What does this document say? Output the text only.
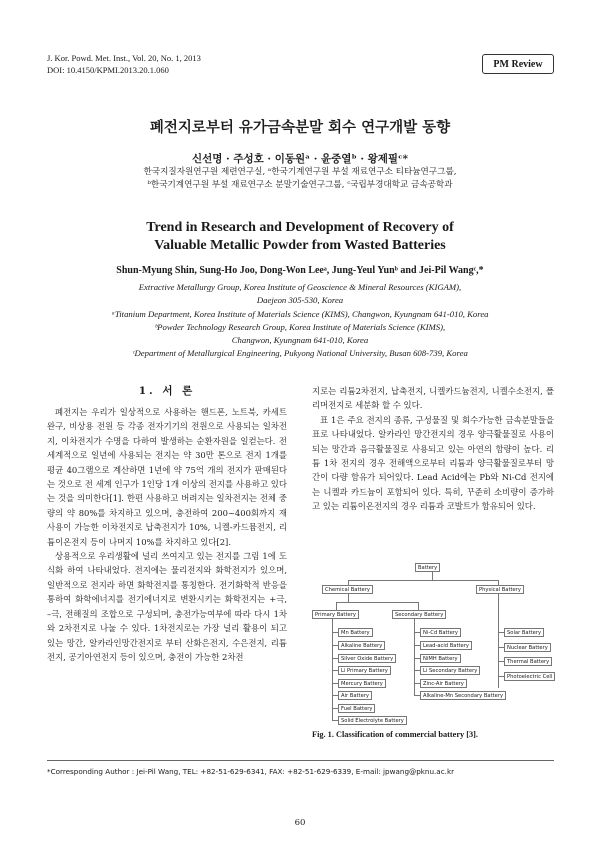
J. Kor. Powd. Met. Inst., Vol. 20, No. 1, 2013
DOI: 10.4150/KPMI.2013.20.1.060
PM Review
폐전지로부터 유가금속분말 회수 연구개발 동향
신선명 · 주성호 · 이동원ᵃ · 윤중열ᵇ · 왕제필ᶜ*
한국지질자원연구원 제련연구실, ᵃ한국기계연구원 부설 재료연구소 티타늄연구그룹,
ᵇ한국기계연구원 부설 재료연구소 분말기술연구그룹, ᶜ국립부경대학교 금속공학과
Trend in Research and Development of Recovery of
Valuable Metallic Powder from Wasted Batteries
Shun-Myung Shin, Sung-Ho Joo, Dong-Won Leeᵃ, Jung-Yeul Yunᵇ and Jei-Pil Wangᶜ,*
Extractive Metallurgy Group, Korea Institute of Geoscience & Mineral Resources (KIGAM),
Daejeon 305-530, Korea
ᵃTitanium Department, Korea Institute of Materials Science (KIMS), Changwon, Kyungnam 641-010, Korea
ᵇPowder Technology Research Group, Korea Institute of Materials Science (KIMS),
Changwon, Kyungnam 641-010, Korea
ᶜDepartment of Metallurgical Engineering, Pukyong National University, Busan 608-739, Korea
1. 서 론

폐전지는 우리가 일상적으로 사용하는 핸드폰, 노트북, 카세트 완구, 비상용 전원 등 각종 전자기기의 전원으로 사용되는 일차전지, 이차전지가 수명을 다하여 발생하는 순환자원을 일컫는다. 전세계적으로 일년에 사용되는 전지는 약 30만 톤으로 전지 1개를 평균 40그램으로 계산하면 1년에 약 75억 개의 전지가 판매된다는 것으로 전 세계 인구가 1인당 1개 이상의 전지를 사용하고 있다는 것을 의미한다[1]. 한편 사용하고 버려지는 일차전지는 전체 중량의 약 80%를 차지하고 있으며, 충전하여 200~400회까지 재사용이 가능한 이차전지로 납축전지가 10%, 니켈-카드뮴전지, 리튬이온전지 등이 나머지 10%를 차지하고 있다[2].

상용적으로 우리생활에 널리 쓰여지고 있는 전지를 그림 1에 도식화 하여 나타내었다. 전지에는 물리전지와 화학전지가 있으며, 일반적으로 전지라 하면 화학전지를 통칭한다. 전기화학적 반응을 통하여 화학에너지를 전기에너지로 변환시키는 화학전지는 +극, –극, 전해질의 조합으로 구성되며, 충전가능여부에 따라 다시 1차와 2차전지로 나눌 수 있다. 1차전지로는 가장 널리 활용이 되고 있는 망간, 알카라인망간전지로 부터 산화은전지, 수은전지, 리튬전지, 공기아연전지 등이 있으며, 충전이 가능한 2차전

지로는 리튬2차전지, 납축전지, 니켈카드늄전지, 니켈수소전지, 폴리머전지로 세분화 할 수 있다.

표 1은 주요 전지의 종류, 구성물질 및 회수가능한 금속분말들을 표로 나타내었다. 알카라인 망간전지의 경우 양극활물질로 사용이 되는 망간과 음극활물질로 사용되고 있는 아연의 함량이 높다. 리튬 1차 전지의 경우 전해액으로부터 리튬과 양극활물질로부터 망간이 다량 함유가 되어있다. Lead Acid에는 Pb와 Ni-Cd 전지에는 니켈과 카드늄이 포함되어 있다. 특히, 꾸준히 소비량이 증가하고 있는 리튬이온전지의 경우 리튬과 코발트가 함유되어 있다.

Battery
Chemical Battery	Physical Battery
Primary Battery	Secondary Battery
Mn Battery
Alkaline Battery
Silver Oxide Battery
Li Primary Battery
Mercury Battery
Air Battery
Fuel Battery
Solid Electrolyte Battery
Ni-Cd Battery
Lead-acid Battery
NiMH Battery
Li Secondary Battery
Zinc-Air Battery
Alkaline-Mn Secondary Battery
Solar Battery
Nuclear Battery
Thermal Battery
Photoelectric Cell
Fig. 1. Classification of commercial battery [3].
*Corresponding Author : Jei-Pil Wang, TEL: +82-51-629-6341, FAX: +82-51-629-6339, E-mail: jpwang@pknu.ac.kr
60
